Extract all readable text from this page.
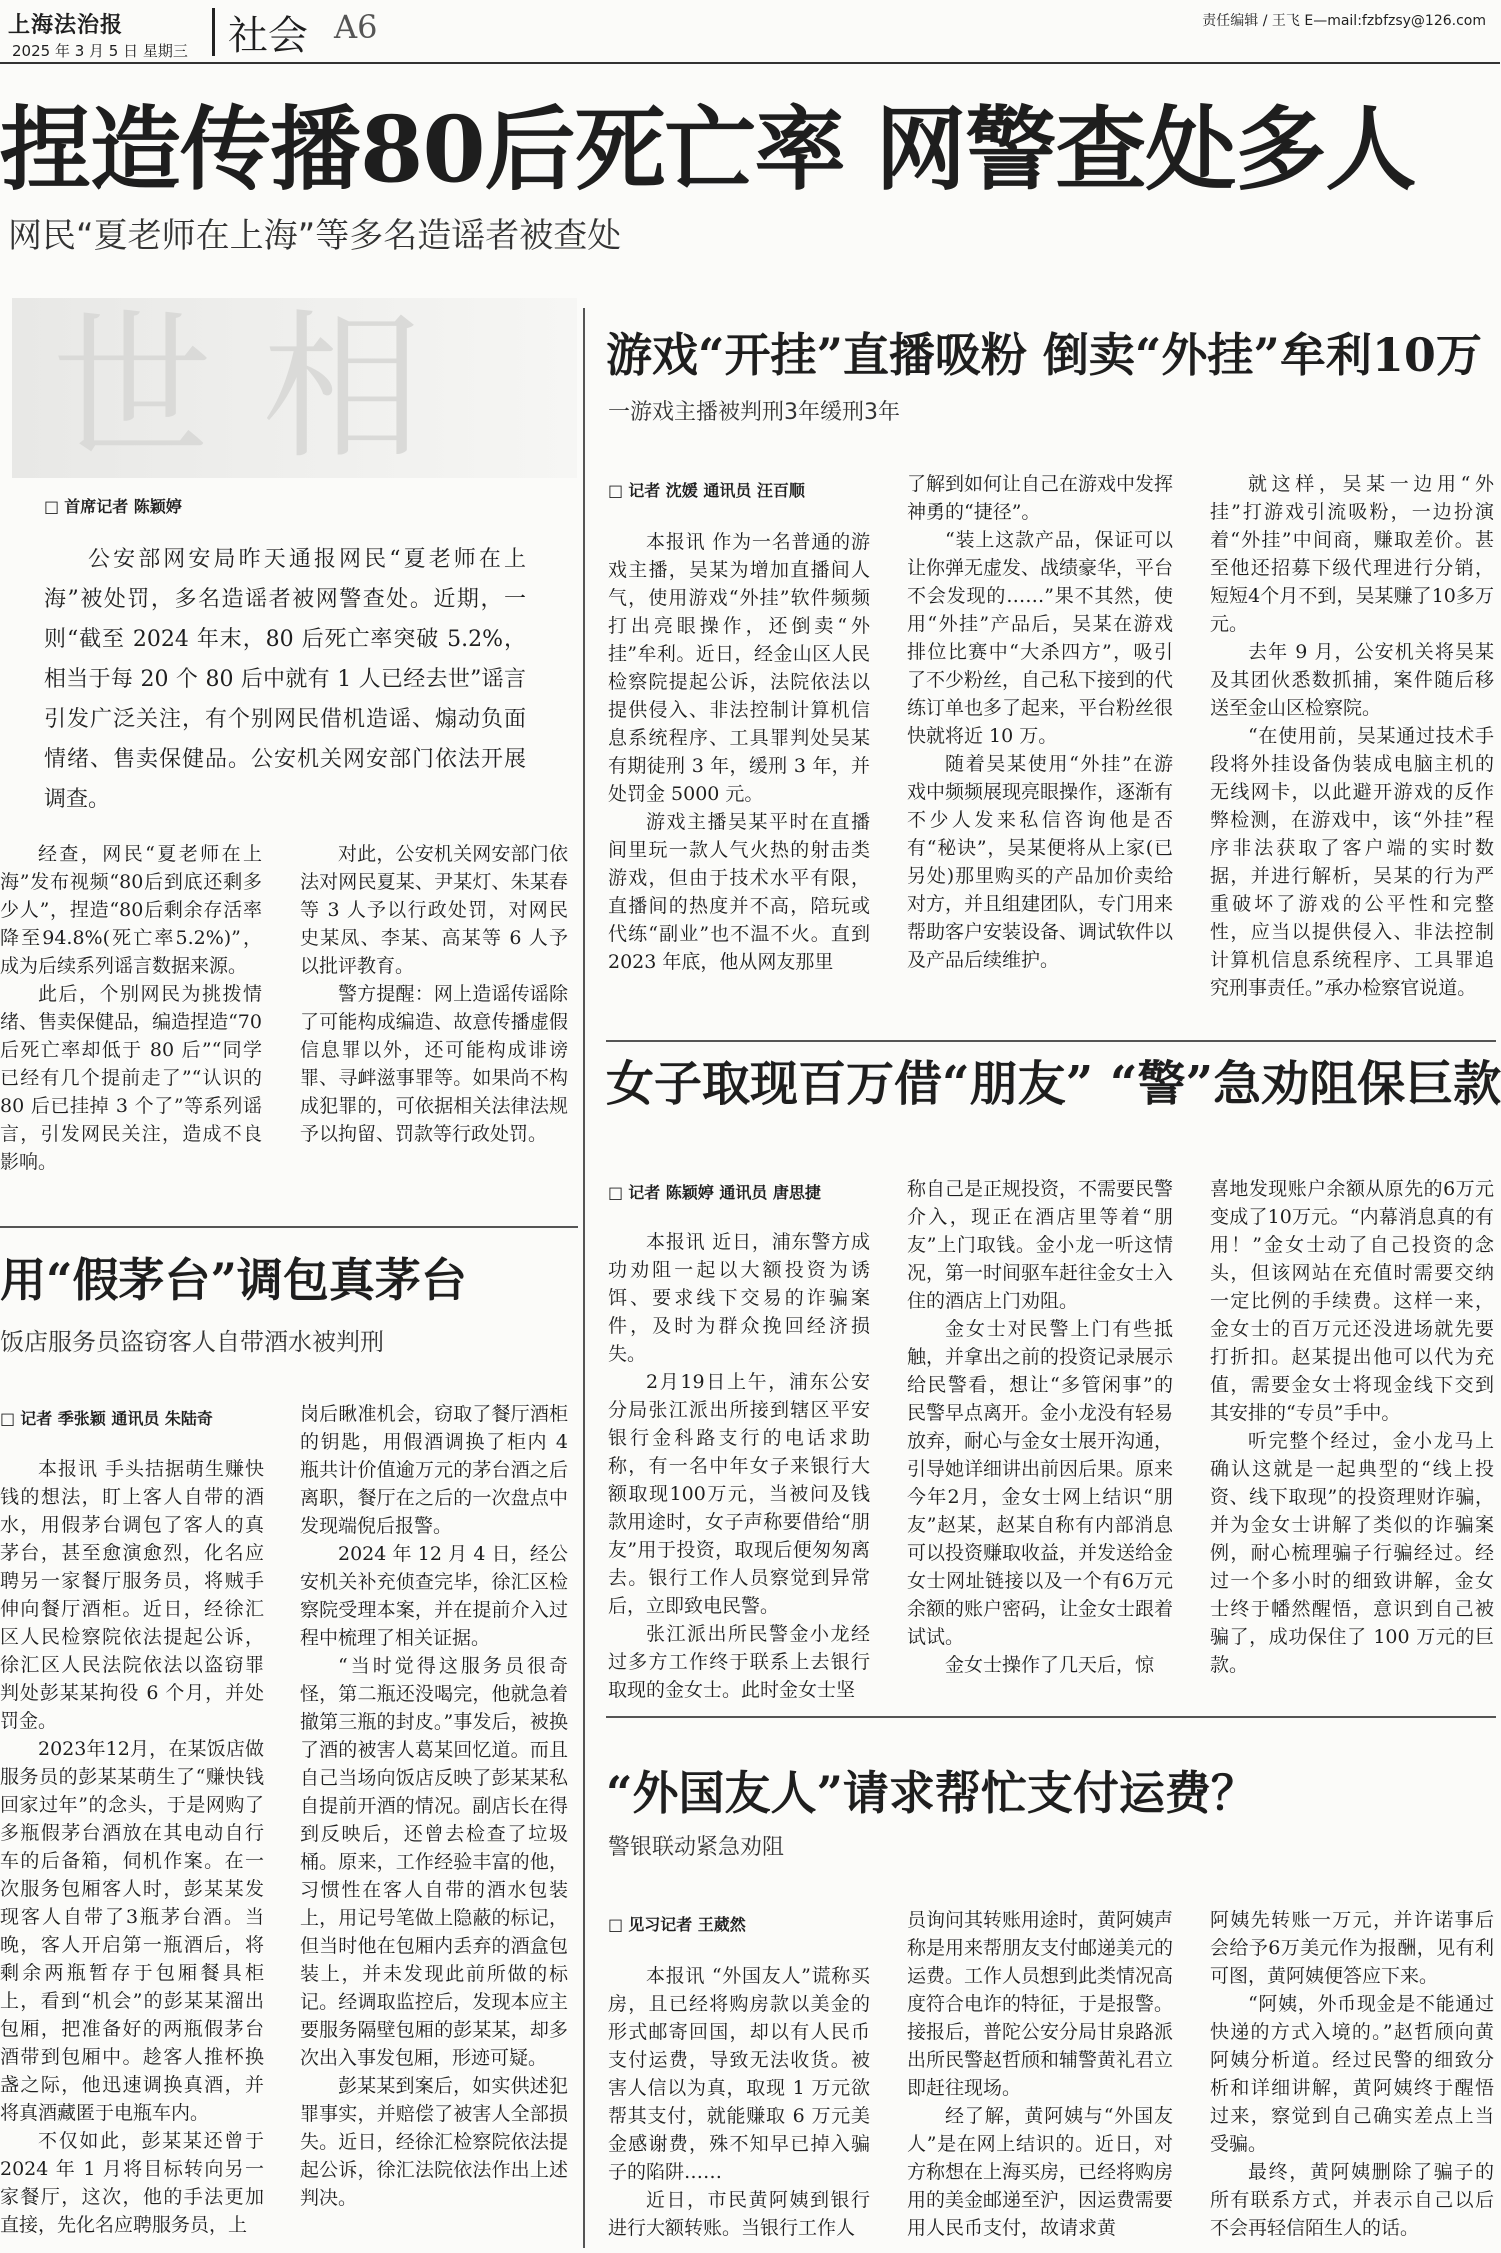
上海法治报
2025 年 3 月 5 日 星期三 社会 A6	责任编辑 / 王飞 E—mail:fzbfzsy@126.com
捏造传播80后死亡率 网警查处多人
网民“夏老师在上海”等多名造谣者被查处
世相
□ 首席记者 陈颖婷

公安部网安局昨天通报网民“夏老师在上海”被处罚，多名造谣者被网警查处。近期，一则“截至 2024 年末，80 后死亡率突破 5.2%，相当于每 20 个 80 后中就有 1 人已经去世”谣言引发广泛关注，有个别网民借机造谣、煽动负面情绪、售卖保健品。公安机关网安部门依法开展调查。

经查，网民“夏老师在上海”发布视频“80后到底还剩多少人”，捏造“80后剩余存活率降至94.8%(死亡率5.2%)”，成为后续系列谣言数据来源。

此后，个别网民为挑拨情绪、售卖保健品，编造捏造“70 后死亡率却低于 80 后”“同学已经有几个提前走了”“认识的 80 后已挂掉 3 个了”等系列谣言，引发网民关注，造成不良影响。

对此，公安机关网安部门依法对网民夏某、尹某灯、朱某春等 3 人予以行政处罚，对网民史某凤、李某、高某等 6 人予以批评教育。

警方提醒：网上造谣传谣除了可能构成编造、故意传播虚假信息罪以外，还可能构成诽谤罪、寻衅滋事罪等。如果尚不构成犯罪的，可依据相关法律法规予以拘留、罚款等行政处罚。

游戏“开挂”直播吸粉 倒卖“外挂”牟利10万
一游戏主播被判刑3年缓刑3年
□ 记者 沈媛 通讯员 汪百顺

本报讯 作为一名普通的游戏主播，吴某为增加直播间人气，使用游戏“外挂”软件频频打出亮眼操作，还倒卖“外挂”牟利。近日，经金山区人民检察院提起公诉，法院依法以提供侵入、非法控制计算机信息系统程序、工具罪判处吴某有期徒刑 3 年，缓刑 3 年，并处罚金 5000 元。

游戏主播吴某平时在直播间里玩一款人气火热的射击类游戏，但由于技术水平有限，直播间的热度并不高，陪玩或代练“副业”也不温不火。直到 2023 年底，他从网友那里

了解到如何让自己在游戏中发挥神勇的“捷径”。

“装上这款产品，保证可以让你弹无虚发、战绩豪华，平台不会发现的……”果不其然，使用“外挂”产品后，吴某在游戏排位比赛中“大杀四方”，吸引了不少粉丝，自己私下接到的代练订单也多了起来，平台粉丝很快就将近 10 万。

随着吴某使用“外挂”在游戏中频频展现亮眼操作，逐渐有不少人发来私信咨询他是否有“秘诀”，吴某便将从上家(已另处)那里购买的产品加价卖给对方，并且组建团队，专门用来帮助客户安装设备、调试软件以及产品后续维护。

就这样，吴某一边用“外挂”打游戏引流吸粉，一边扮演着“外挂”中间商，赚取差价。甚至他还招募下级代理进行分销，短短4个月不到，吴某赚了10多万元。

去年 9 月，公安机关将吴某及其团伙悉数抓捕，案件随后移送至金山区检察院。

“在使用前，吴某通过技术手段将外挂设备伪装成电脑主机的无线网卡，以此避开游戏的反作弊检测，在游戏中，该“外挂”程序非法获取了客户端的实时数据，并进行解析，吴某的行为严重破坏了游戏的公平性和完整性，应当以提供侵入、非法控制计算机信息系统程序、工具罪追究刑事责任。”承办检察官说道。

女子取现百万借“朋友” “警”急劝阻保巨款
□ 记者 陈颖婷 通讯员 唐思捷

本报讯 近日，浦东警方成功劝阻一起以大额投资为诱饵、要求线下交易的诈骗案件，及时为群众挽回经济损失。

2月19日上午，浦东公安分局张江派出所接到辖区平安银行金科路支行的电话求助称，有一名中年女子来银行大额取现100万元，当被问及钱款用途时，女子声称要借给“朋友”用于投资，取现后便匆匆离去。银行工作人员察觉到异常后，立即致电民警。

张江派出所民警金小龙经过多方工作终于联系上去银行取现的金女士。此时金女士坚

称自己是正规投资，不需要民警介入，现正在酒店里等着“朋友”上门取钱。金小龙一听这情况，第一时间驱车赶往金女士入住的酒店上门劝阻。

金女士对民警上门有些抵触，并拿出之前的投资记录展示给民警看，想让“多管闲事”的民警早点离开。金小龙没有轻易放弃，耐心与金女士展开沟通，引导她详细讲出前因后果。原来今年2月，金女士网上结识“朋友”赵某，赵某自称有内部消息可以投资赚取收益，并发送给金女士网址链接以及一个有6万元余额的账户密码，让金女士跟着试试。

金女士操作了几天后，惊

喜地发现账户余额从原先的6万元变成了10万元。“内幕消息真的有用！”金女士动了自己投资的念头，但该网站在充值时需要交纳一定比例的手续费。这样一来，金女士的百万元还没进场就先要打折扣。赵某提出他可以代为充值，需要金女士将现金线下交到其安排的“专员”手中。

听完整个经过，金小龙马上确认这就是一起典型的“线上投资、线下取现”的投资理财诈骗，并为金女士讲解了类似的诈骗案例，耐心梳理骗子行骗经过。经过一个多小时的细致讲解，金女士终于幡然醒悟，意识到自己被骗了，成功保住了 100 万元的巨款。

用“假茅台”调包真茅台
饭店服务员盗窃客人自带酒水被判刑
□ 记者 季张颖 通讯员 朱陆奇

本报讯 手头拮据萌生赚快钱的想法，盯上客人自带的酒水，用假茅台调包了客人的真茅台，甚至愈演愈烈，化名应聘另一家餐厅服务员，将贼手伸向餐厅酒柜。近日，经徐汇区人民检察院依法提起公诉，徐汇区人民法院依法以盗窃罪判处彭某某拘役 6 个月，并处罚金。

2023年12月，在某饭店做服务员的彭某某萌生了“赚快钱回家过年”的念头，于是网购了多瓶假茅台酒放在其电动自行车的后备箱，伺机作案。在一次服务包厢客人时，彭某某发现客人自带了3瓶茅台酒。当晚，客人开启第一瓶酒后，将剩余两瓶暂存于包厢餐具柜上，看到“机会”的彭某某溜出包厢，把准备好的两瓶假茅台酒带到包厢中。趁客人推杯换盏之际，他迅速调换真酒，并将真酒藏匿于电瓶车内。

不仅如此，彭某某还曾于 2024 年 1 月将目标转向另一家餐厅，这次，他的手法更加直接，先化名应聘服务员，上

岗后瞅准机会，窃取了餐厅酒柜的钥匙，用假酒调换了柜内 4 瓶共计价值逾万元的茅台酒之后离职，餐厅在之后的一次盘点中发现端倪后报警。

2024 年 12 月 4 日，经公安机关补充侦查完毕，徐汇区检察院受理本案，并在提前介入过程中梳理了相关证据。

“当时觉得这服务员很奇怪，第二瓶还没喝完，他就急着撤第三瓶的封皮。”事发后，被换了酒的被害人葛某回忆道。而且自己当场向饭店反映了彭某某私自提前开酒的情况。副店长在得到反映后，还曾去检查了垃圾桶。原来，工作经验丰富的他，习惯性在客人自带的酒水包装上，用记号笔做上隐蔽的标记，但当时他在包厢内丢弃的酒盒包装上，并未发现此前所做的标记。经调取监控后，发现本应主要服务隔壁包厢的彭某某，却多次出入事发包厢，形迹可疑。

彭某某到案后，如实供述犯罪事实，并赔偿了被害人全部损失。近日，经徐汇检察院依法提起公诉，徐汇法院依法作出上述判决。

“外国友人”请求帮忙支付运费？
警银联动紧急劝阻
□ 见习记者 王葳然

本报讯 “外国友人”谎称买房，且已经将购房款以美金的形式邮寄回国，却以有人民币支付运费，导致无法收货。被害人信以为真，取现 1 万元欲帮其支付，就能赚取 6 万元美金感谢费，殊不知早已掉入骗子的陷阱……

近日，市民黄阿姨到银行进行大额转账。当银行工作人

员询问其转账用途时，黄阿姨声称是用来帮朋友支付邮递美元的运费。工作人员想到此类情况高度符合电诈的特征，于是报警。接报后，普陀公安分局甘泉路派出所民警赵哲颀和辅警黄礼君立即赶往现场。

经了解，黄阿姨与“外国友人”是在网上结识的。近日，对方称想在上海买房，已经将购房用的美金邮递至沪，因运费需要用人民币支付，故请求黄

阿姨先转账一万元，并许诺事后会给予6万美元作为报酬，见有利可图，黄阿姨便答应下来。

“阿姨，外币现金是不能通过快递的方式入境的。”赵哲颀向黄阿姨分析道。经过民警的细致分析和详细讲解，黄阿姨终于醒悟过来，察觉到自己确实差点上当受骗。

最终，黄阿姨删除了骗子的所有联系方式，并表示自己以后不会再轻信陌生人的话。
